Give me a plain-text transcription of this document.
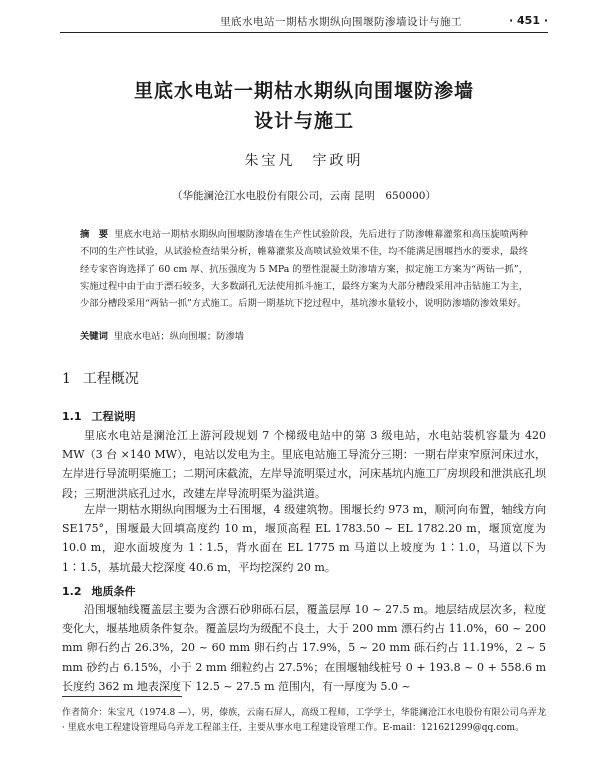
里底水电站一期枯水期纵向围堰防渗墙设计与施工	· 451 ·
里底水电站一期枯水期纵向围堰防渗墙
设计与施工
朱宝凡　宇政明
（华能澜沧江水电股份有限公司，云南 昆明　650000）
摘　要 里底水电站一期枯水期纵向围堰防渗墙在生产性试验阶段，先后进行了防渗帷幕灌浆和高压旋喷两种不同的生产性试验，从试验检查结果分析，帷幕灌浆及高喷试验效果不佳，均不能满足围堰挡水的要求，最终经专家咨询选择了 60 cm 厚、抗压强度为 5 MPa 的塑性混凝土防渗墙方案，拟定施工方案为“两钻一抓”，实施过程中由于由于漂石较多，大多数副孔无法使用抓斗施工，最终方案为大部分槽段采用冲击钻施工为主，少部分槽段采用“两钻一抓”方式施工。后期一期基坑下挖过程中，基坑渗水量较小，说明防渗墙防渗效果好。
关键词 里底水电站；纵向围堰；防渗墙
1 工程概况
1.1 工程说明

里底水电站是澜沧江上游河段规划 7 个梯级电站中的第 3 级电站，水电站装机容量为 420 MW（3 台 ×140 MW），电站以发电为主。里底电站施工导流分三期：一期右岸束窄原河床过水，左岸进行导流明渠施工；二期河床截流，左岸导流明渠过水，河床基坑内施工厂房坝段和泄洪底孔坝段；三期泄洪底孔过水，改建左岸导流明渠为溢洪道。

左岸一期枯水期纵向围堰为土石围堰，4 级建筑物。围堰长约 973 m，顺河向布置，轴线方向 SE175°，围堰最大回填高度约 10 m，堰顶高程 EL 1783.50 ~ EL 1782.20 m，堰顶宽度为 10.0 m，迎水面坡度为 1∶1.5，背水面在 EL 1775 m 马道以上坡度为 1∶1.0，马道以下为 1∶1.5，基坑最大挖深度 40.6 m，平均挖深约 20 m。

1.2 地质条件

沿围堰轴线覆盖层主要为含漂石砂卵砾石层，覆盖层厚 10 ~ 27.5 m。地层结成层次多，粒度变化大，堰基地质条件复杂。覆盖层均为级配不良土，大于 200 mm 漂石约占 11.0%，60 ~ 200 mm 卵石约占 26.3%，20 ~ 60 mm 卵石约占 17.9%，5 ~ 20 mm 砾石约占 11.19%，2 ~ 5 mm 砂约占 6.15%，小于 2 mm 细粒约占 27.5%；在围堰轴线桩号 0 + 193.8 ~ 0 + 558.6 m 长度约 362 m 地表深度下 12.5 ~ 27.5 m 范围内，有一厚度为 5.0 ~

作者简介：朱宝凡（1974.8 —），男，傣族，云南石屏人，高级工程师，工学学士，华能澜沧江水电股份有限公司乌弄龙 · 里底水电工程建设管理局乌弄龙工程部主任，主要从事水电工程建设管理工作。E-mail：121621299@qq.com。
